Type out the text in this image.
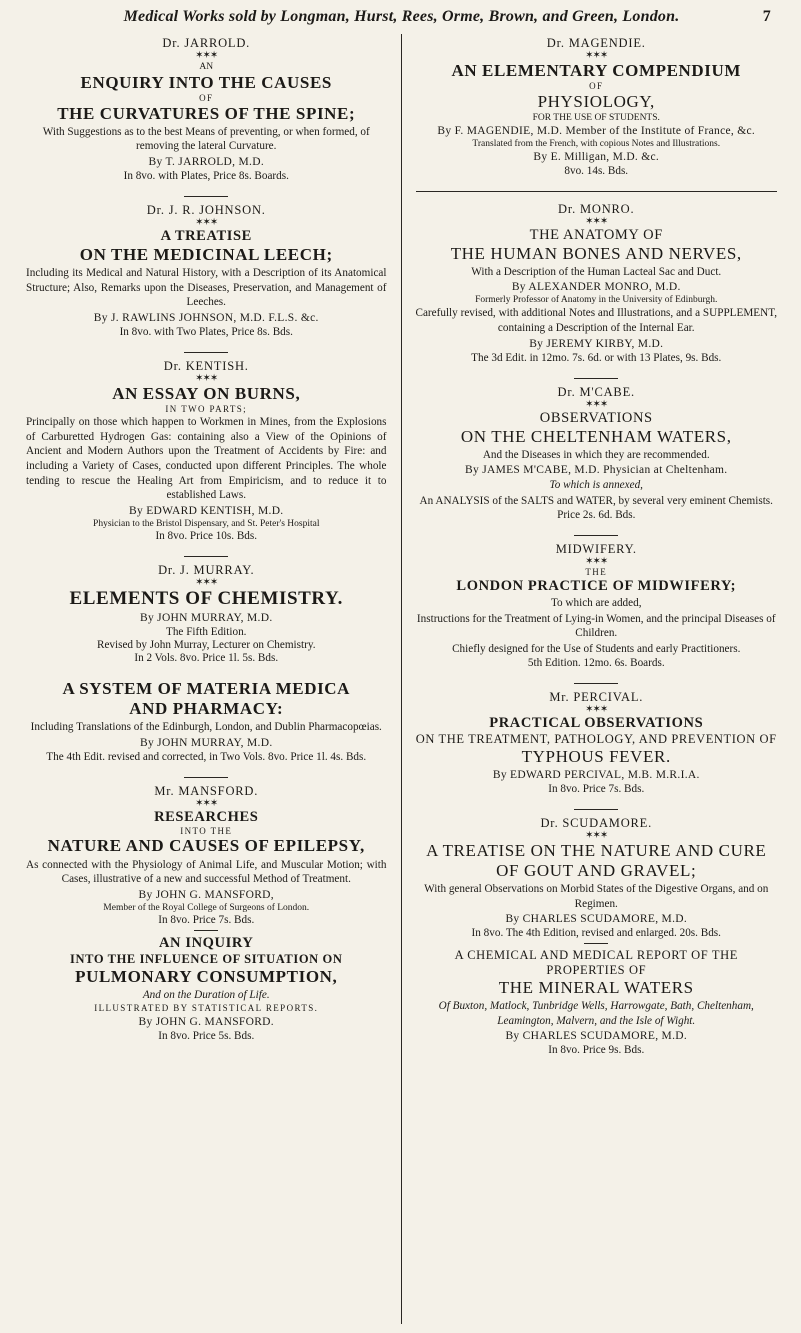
Medical Works sold by Longman, Hurst, Rees, Orme, Brown, and Green, London.	7

Dr. JARROLD.

✶✶✶

AN

ENQUIRY INTO THE CAUSES

OF

THE CURVATURES OF THE SPINE;

With Suggestions as to the best Means of preventing, or when formed, of removing the lateral Curvature.

By T. JARROLD, M.D.

In 8vo. with Plates, Price 8s. Boards.

Dr. J. R. JOHNSON.

✶✶✶

A TREATISE

ON THE MEDICINAL LEECH;

Including its Medical and Natural History, with a Description of its Anatomical Structure; Also, Remarks upon the Diseases, Preservation, and Management of Leeches.

By J. RAWLINS JOHNSON, M.D. F.L.S. &c.

In 8vo. with Two Plates, Price 8s. Bds.

Dr. KENTISH.

✶✶✶

AN ESSAY ON BURNS,

IN TWO PARTS;

Principally on those which happen to Workmen in Mines, from the Explosions of Carburetted Hydrogen Gas: containing also a View of the Opinions of Ancient and Modern Authors upon the Treatment of Accidents by Fire: and including a Variety of Cases, conducted upon different Principles. The whole tending to rescue the Healing Art from Empiricism, and to reduce it to established Laws.

By EDWARD KENTISH, M.D.

Physician to the Bristol Dispensary, and St. Peter's Hospital

In 8vo. Price 10s. Bds.

Dr. J. MURRAY.

✶✶✶

ELEMENTS OF CHEMISTRY.

By JOHN MURRAY, M.D.

The Fifth Edition.

Revised by John Murray, Lecturer on Chemistry.

In 2 Vols. 8vo. Price 1l. 5s. Bds.

A SYSTEM OF MATERIA MEDICA

AND PHARMACY:

Including Translations of the Edinburgh, London, and Dublin Pharmacopœias.

By JOHN MURRAY, M.D.

The 4th Edit. revised and corrected, in Two Vols. 8vo. Price 1l. 4s. Bds.

Mr. MANSFORD.

✶✶✶

RESEARCHES

INTO THE

NATURE AND CAUSES OF EPILEPSY,

As connected with the Physiology of Animal Life, and Muscular Motion; with Cases, illustrative of a new and successful Method of Treatment.

By JOHN G. MANSFORD,

Member of the Royal College of Surgeons of London.

In 8vo. Price 7s. Bds.

AN INQUIRY

INTO THE INFLUENCE OF SITUATION ON

PULMONARY CONSUMPTION,

And on the Duration of Life.

ILLUSTRATED BY STATISTICAL REPORTS.

By JOHN G. MANSFORD.

In 8vo. Price 5s. Bds.

Dr. MAGENDIE.

✶✶✶

AN ELEMENTARY COMPENDIUM

OF

PHYSIOLOGY,

FOR THE USE OF STUDENTS.

By F. MAGENDIE, M.D. Member of the Institute of France, &c.

Translated from the French, with copious Notes and Illustrations.

By E. Milligan, M.D. &c.

8vo. 14s. Bds.

Dr. MONRO.

✶✶✶

THE ANATOMY OF

THE HUMAN BONES AND NERVES,

With a Description of the Human Lacteal Sac and Duct.

By ALEXANDER MONRO, M.D.

Formerly Professor of Anatomy in the University of Edinburgh.

Carefully revised, with additional Notes and Illustrations, and a SUPPLEMENT, containing a Description of the Internal Ear.

By JEREMY KIRBY, M.D.

The 3d Edit. in 12mo. 7s. 6d. or with 13 Plates, 9s. Bds.

Dr. M'CABE.

✶✶✶

OBSERVATIONS

ON THE CHELTENHAM WATERS,

And the Diseases in which they are recommended.

By JAMES M'CABE, M.D. Physician at Cheltenham.

To which is annexed,

An ANALYSIS of the SALTS and WATER, by several very eminent Chemists.

Price 2s. 6d. Bds.

MIDWIFERY.

✶✶✶

THE

LONDON PRACTICE OF MIDWIFERY;

To which are added,

Instructions for the Treatment of Lying-in Women, and the principal Diseases of Children.

Chiefly designed for the Use of Students and early Practitioners.

5th Edition. 12mo. 6s. Boards.

Mr. PERCIVAL.

✶✶✶

PRACTICAL OBSERVATIONS

ON THE TREATMENT, PATHOLOGY, AND PREVENTION OF

TYPHOUS FEVER.

By EDWARD PERCIVAL, M.B. M.R.I.A.

In 8vo. Price 7s. Bds.

Dr. SCUDAMORE.

✶✶✶

A TREATISE ON THE NATURE AND CURE OF GOUT AND GRAVEL;

With general Observations on Morbid States of the Digestive Organs, and on Regimen.

By CHARLES SCUDAMORE, M.D.

In 8vo. The 4th Edition, revised and enlarged. 20s. Bds.

A CHEMICAL AND MEDICAL REPORT OF THE PROPERTIES OF

THE MINERAL WATERS

Of Buxton, Matlock, Tunbridge Wells, Harrowgate, Bath, Cheltenham, Leamington, Malvern, and the Isle of Wight.

By CHARLES SCUDAMORE, M.D.

In 8vo. Price 9s. Bds.
